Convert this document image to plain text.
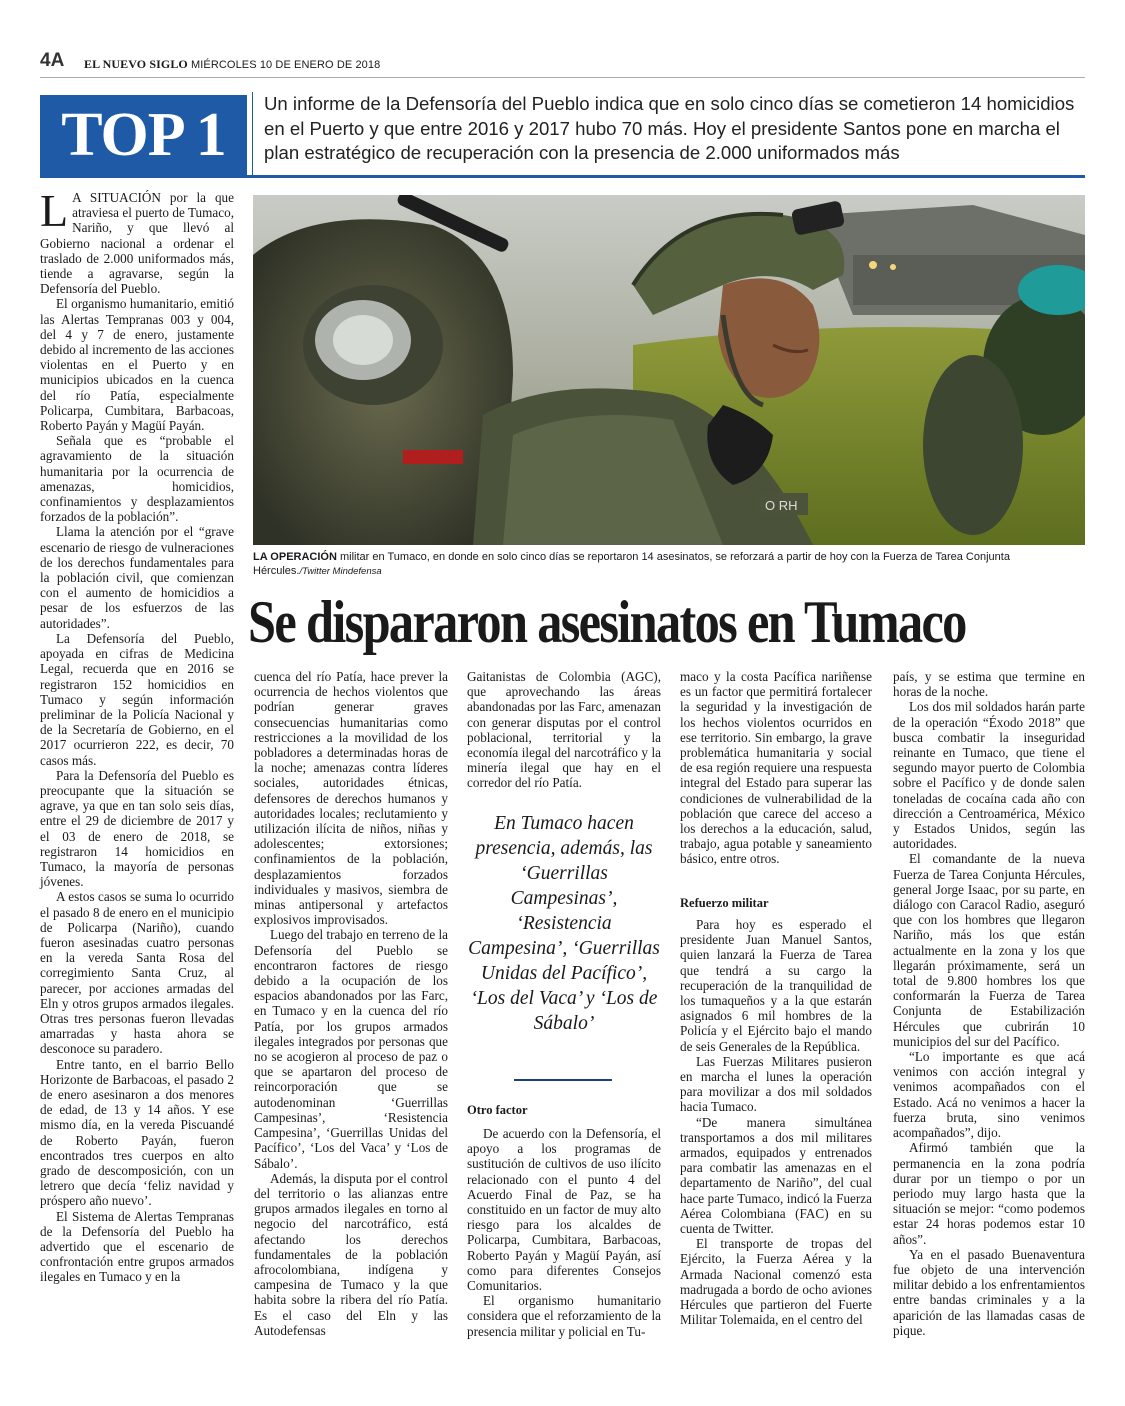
4A EL NUEVO SIGLO MIÉRCOLES 10 DE ENERO DE 2018
TOP 1	Un informe de la Defensoría del Pueblo indica que en solo cinco días se cometieron 14 homicidios en el Puerto y que entre 2016 y 2017 hubo 70 más. Hoy el presidente Santos pone en marcha el plan estratégico de recuperación con la presencia de 2.000 uniformados más
O RH
LA OPERACIÓN militar en Tumaco, en donde en solo cinco días se reportaron 14 asesinatos, se reforzará a partir de hoy con la Fuerza de Tarea Conjunta Hércules./Twitter Mindefensa
Se dispararon asesinatos en Tumaco

L A SITUACIÓN por la que atraviesa el puerto de Tumaco, Nariño, y que llevó al Gobierno nacional a ordenar el traslado de 2.000 uniformados más, tiende a agravarse, según la Defensoría del Pueblo.

El organismo humanitario, emitió las Alertas Tempranas 003 y 004, del 4 y 7 de enero, justamente debido al incremento de las acciones violentas en el Puerto y en municipios ubicados en la cuenca del río Patía, especialmente Policarpa, Cumbitara, Barbacoas, Roberto Payán y Magüí Payán.

Señala que es “probable el agravamiento de la situación humanitaria por la ocurrencia de amenazas, homicidios, confinamientos y desplazamientos forzados de la población”.

Llama la atención por el “grave escenario de riesgo de vulneraciones de los derechos fundamentales para la población civil, que comienzan con el aumento de homicidios a pesar de los esfuerzos de las autoridades”.

La Defensoría del Pueblo, apoyada en cifras de Medicina Legal, recuerda que en 2016 se registraron 152 homicidios en Tumaco y según información preliminar de la Policía Nacional y de la Secretaría de Gobierno, en el 2017 ocurrieron 222, es decir, 70 casos más.

Para la Defensoría del Pueblo es preocupante que la situación se agrave, ya que en tan solo seis días, entre el 29 de diciembre de 2017 y el 03 de enero de 2018, se registraron 14 homicidios en Tumaco, la mayoría de personas jóvenes.

A estos casos se suma lo ocurrido el pasado 8 de enero en el municipio de Policarpa (Nariño), cuando fueron asesinadas cuatro personas en la vereda Santa Rosa del corregimiento Santa Cruz, al parecer, por acciones armadas del Eln y otros grupos armados ilegales. Otras tres personas fueron llevadas amarradas y hasta ahora se desconoce su paradero.

Entre tanto, en el barrio Bello Horizonte de Barbacoas, el pasado 2 de enero asesinaron a dos menores de edad, de 13 y 14 años. Y ese mismo día, en la vereda Piscuandé de Roberto Payán, fueron encontrados tres cuerpos en alto grado de descomposición, con un letrero que decía ‘feliz navidad y próspero año nuevo’.

El Sistema de Alertas Tempranas de la Defensoría del Pueblo ha advertido que el escenario de confrontación entre grupos armados ilegales en Tumaco y en la

cuenca del río Patía, hace prever la ocurrencia de hechos violentos que podrían generar graves consecuencias humanitarias como restricciones a la movilidad de los pobladores a determinadas horas de la noche; amenazas contra líderes sociales, autoridades étnicas, defensores de derechos humanos y autoridades locales; reclutamiento y utilización ilícita de niños, niñas y adolescentes; extorsiones; confinamientos de la población, desplazamientos forzados individuales y masivos, siembra de minas antipersonal y artefactos explosivos improvisados.

Luego del trabajo en terreno de la Defensoría del Pueblo se encontraron factores de riesgo debido a la ocupación de los espacios abandonados por las Farc, en Tumaco y en la cuenca del río Patía, por los grupos armados ilegales integrados por personas que no se acogieron al proceso de paz o que se apartaron del proceso de reincorporación que se autodenominan ‘Guerrillas Campesinas’, ‘Resistencia Campesina’, ‘Guerrillas Unidas del Pacífico’, ‘Los del Vaca’ y ‘Los de Sábalo’.

Además, la disputa por el control del territorio o las alianzas entre grupos armados ilegales en torno al negocio del narcotráfico, está afectando los derechos fundamentales de la población afrocolombiana, indígena y campesina de Tumaco y la que habita sobre la ribera del río Patía. Es el caso del Eln y las Autodefensas

Gaitanistas de Colombia (AGC), que aprovechando las áreas abandonadas por las Farc, amenazan con generar disputas por el control poblacional, territorial y la economía ilegal del narcotráfico y la minería ilegal que hay en el corredor del río Patía.

En Tumaco hacen presencia, además, las ‘Guerrillas Campesinas’, ‘Resistencia Campesina’, ‘Guerrillas Unidas del Pacífico’, ‘Los del Vaca’ y ‘Los de Sábalo’
Otro factor

De acuerdo con la Defensoría, el apoyo a los programas de sustitución de cultivos de uso ilícito relacionado con el punto 4 del Acuerdo Final de Paz, se ha constituido en un factor de muy alto riesgo para los alcaldes de Policarpa, Cumbitara, Barbacoas, Roberto Payán y Magüí Payán, así como para diferentes Consejos Comunitarios.

El organismo humanitario considera que el reforzamiento de la presencia militar y policial en Tu-

maco y la costa Pacífica nariñense es un factor que permitirá fortalecer la seguridad y la investigación de los hechos violentos ocurridos en ese territorio. Sin embargo, la grave problemática humanitaria y social de esa región requiere una respuesta integral del Estado para superar las condiciones de vulnerabilidad de la población que carece del acceso a los derechos a la educación, salud, trabajo, agua potable y saneamiento básico, entre otros.

Refuerzo militar

Para hoy es esperado el presidente Juan Manuel Santos, quien lanzará la Fuerza de Tarea que tendrá a su cargo la recuperación de la tranquilidad de los tumaqueños y a la que estarán asignados 6 mil hombres de la Policía y el Ejército bajo el mando de seis Generales de la República.

Las Fuerzas Militares pusieron en marcha el lunes la operación para movilizar a dos mil soldados hacia Tumaco.

“De manera simultánea transportamos a dos mil militares armados, equipados y entrenados para combatir las amenazas en el departamento de Nariño”, del cual hace parte Tumaco, indicó la Fuerza Aérea Colombiana (FAC) en su cuenta de Twitter.

El transporte de tropas del Ejército, la Fuerza Aérea y la Armada Nacional comenzó esta madrugada a bordo de ocho aviones Hércules que partieron del Fuerte Militar Tolemaida, en el centro del

país, y se estima que termine en horas de la noche.

Los dos mil soldados harán parte de la operación “Éxodo 2018” que busca combatir la inseguridad reinante en Tumaco, que tiene el segundo mayor puerto de Colombia sobre el Pacífico y de donde salen toneladas de cocaína cada año con dirección a Centroamérica, México y Estados Unidos, según las autoridades.

El comandante de la nueva Fuerza de Tarea Conjunta Hércules, general Jorge Isaac, por su parte, en diálogo con Caracol Radio, aseguró que con los hombres que llegaron Nariño, más los que están actualmente en la zona y los que llegarán próximamente, será un total de 9.800 hombres los que conformarán la Fuerza de Tarea Conjunta de Estabilización Hércules que cubrirán 10 municipios del sur del Pacífico.

“Lo importante es que acá venimos con acción integral y venimos acompañados con el Estado. Acá no venimos a hacer la fuerza bruta, sino venimos acompañados”, dijo.

Afirmó también que la permanencia en la zona podría durar por un tiempo o por un periodo muy largo hasta que la situación se mejor: “como podemos estar 24 horas podemos estar 10 años”.

Ya en el pasado Buenaventura fue objeto de una intervención militar debido a los enfrentamientos entre bandas criminales y a la aparición de las llamadas casas de pique.
